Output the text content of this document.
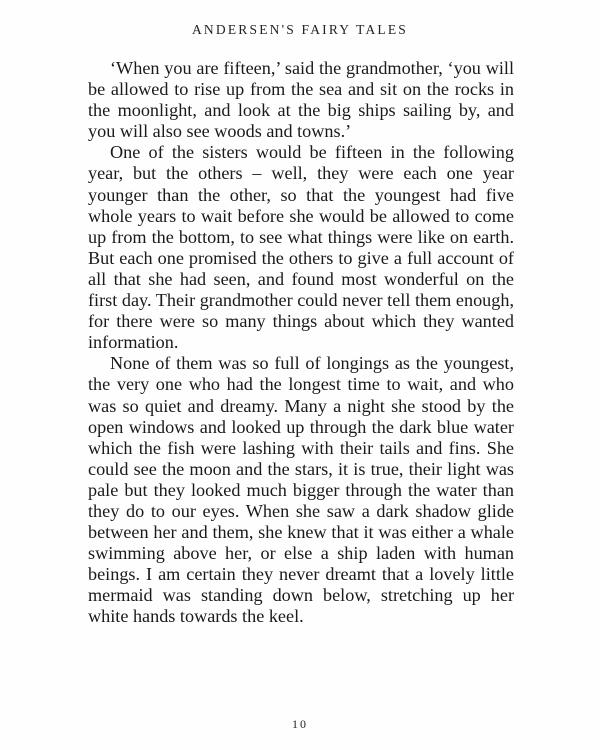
ANDERSEN'S FAIRY TALES

‘When you are fifteen,’ said the grandmother, ‘you will be allowed to rise up from the sea and sit on the rocks in the moonlight, and look at the big ships sailing by, and you will also see woods and towns.’

One of the sisters would be fifteen in the following year, but the others – well, they were each one year younger than the other, so that the youngest had five whole years to wait before she would be allowed to come up from the bottom, to see what things were like on earth. But each one promised the others to give a full account of all that she had seen, and found most wonderful on the first day. Their grandmother could never tell them enough, for there were so many things about which they wanted information.

None of them was so full of longings as the youngest, the very one who had the longest time to wait, and who was so quiet and dreamy. Many a night she stood by the open windows and looked up through the dark blue water which the fish were lashing with their tails and fins. She could see the moon and the stars, it is true, their light was pale but they looked much bigger through the water than they do to our eyes. When she saw a dark shadow glide between her and them, she knew that it was either a whale swimming above her, or else a ship laden with human beings. I am certain they never dreamt that a lovely little mermaid was standing down below, stretching up her white hands towards the keel.

10
